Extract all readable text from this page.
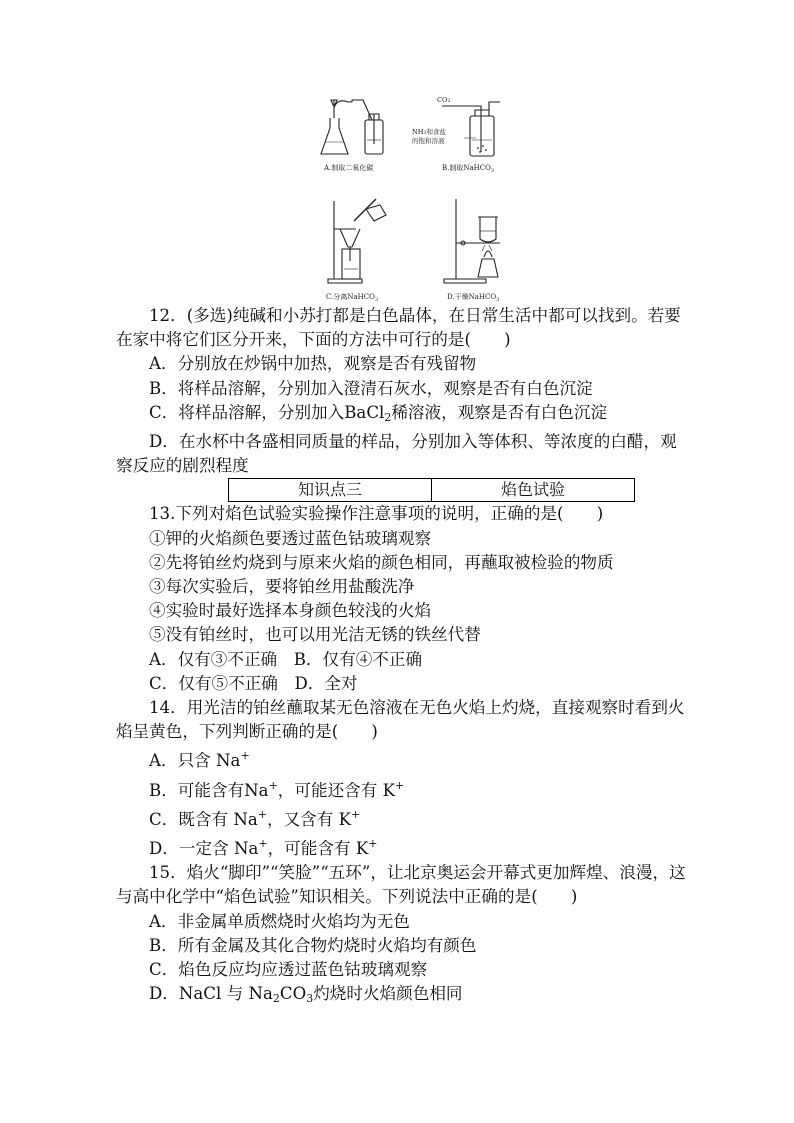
A.制取二氧化碳
CO2
NH3和食盐
的饱和溶液
B.制取NaHCO$_3$
C.分离NaHCO$_3$	D.干燥NaHCO$_3$

12．(多选)纯碱和小苏打都是白色晶体，在日常生活中都可以找到。若要在家中将它们区分开来，下面的方法中可行的是(　　)

A．分别放在炒锅中加热，观察是否有残留物

B．将样品溶解，分别加入澄清石灰水，观察是否有白色沉淀

C．将样品溶解，分别加入BaCl$_2$稀溶液，观察是否有白色沉淀

D．在水杯中各盛相同质量的样品，分别加入等体积、等浓度的白醋，观察反应的剧烈程度

知识点三	焰色试验

13.下列对焰色试验实验操作注意事项的说明，正确的是(　　)

①钾的火焰颜色要透过蓝色钴玻璃观察

②先将铂丝灼烧到与原来火焰的颜色相同，再蘸取被检验的物质

③每次实验后，要将铂丝用盐酸洗净

④实验时最好选择本身颜色较浅的火焰

⑤没有铂丝时，也可以用光洁无锈的铁丝代替

A．仅有③不正确　B．仅有④不正确

C．仅有⑤不正确　D．全对

14．用光洁的铂丝蘸取某无色溶液在无色火焰上灼烧，直接观察时看到火焰呈黄色，下列判断正确的是(　　)

A．只含 Na+

B．可能含有Na+，可能还含有 K+

C．既含有 Na+，又含有 K+

D．一定含 Na+，可能含有 K+

15．焰火“脚印”“笑脸”“五环”，让北京奥运会开幕式更加辉煌、浪漫，这与高中化学中“焰色试验”知识相关。下列说法中正确的是(　　)

A．非金属单质燃烧时火焰均为无色

B．所有金属及其化合物灼烧时火焰均有颜色

C．焰色反应均应透过蓝色钴玻璃观察

D．NaCl 与 $Na_2CO_3$灼烧时火焰颜色相同
